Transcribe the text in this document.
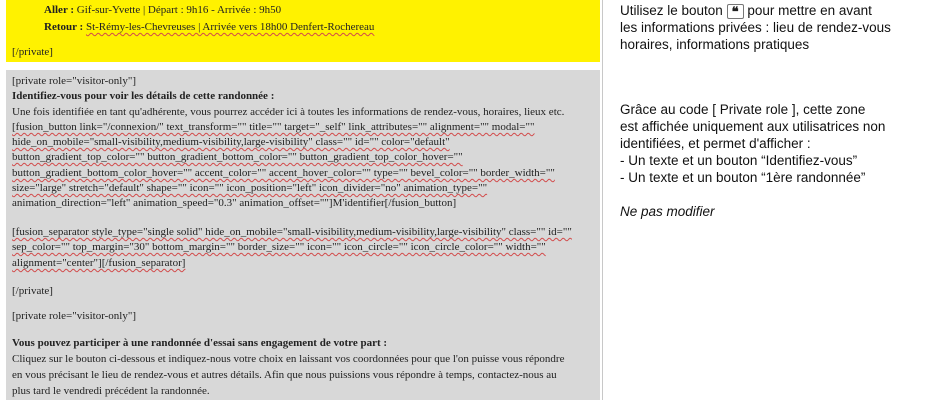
Aller : Gif-sur-Yvette | Départ : 9h16 - Arrivée : 9h50
Retour : St-Rémy-les-Chevreuses | Arrivée vers 18h00 Denfert-Rochereau
[/private]
[private role="visitor-only"]
Identifiez-vous pour voir les détails de cette randonnée :
Une fois identifiée en tant qu'adhérente, vous pourrez accéder ici à toutes les informations de rendez-vous, horaires, lieux etc.
[fusion_button link="/connexion/" text_transform="" title="" target="_self" link_attributes="" alignment="" modal=""
hide_on_mobile="small-visibility,medium-visibility,large-visibility" class="" id="" color="default"
button_gradient_top_color="" button_gradient_bottom_color="" button_gradient_top_color_hover=""
button_gradient_bottom_color_hover="" accent_color="" accent_hover_color="" type="" bevel_color="" border_width=""
size="large" stretch="default" shape="" icon="" icon_position="left" icon_divider="no" animation_type=""
animation_direction="left" animation_speed="0.3" animation_offset=""]M'identifier[/fusion_button]
[fusion_separator style_type="single solid" hide_on_mobile="small-visibility,medium-visibility,large-visibility" class="" id=""
sep_color="" top_margin="30" bottom_margin="" border_size="" icon="" icon_circle="" icon_circle_color="" width=""
alignment="center"][/fusion_separator]
[/private]
[private role="visitor-only"]
Vous pouvez participer à une randonnée d'essai sans engagement de votre part :
Cliquez sur le bouton ci-dessous et indiquez-nous votre choix en laissant vos coordonnées pour que l'on puisse vous répondre
en vous précisant le lieu de rendez-vous et autres détails. Afin que nous puissions vous répondre à temps, contactez-nous au
plus tard le vendredi précédent la randonnée.

Utilisez le bouton ❝ pour mettre en avant

les informations privées : lieu de rendez-vous

horaires, informations pratiques

Grâce au code [ Private role ], cette zone

est affichée uniquement aux utilisatrices non

identifiées, et permet d'afficher :

- Un texte et un bouton “Identifiez-vous”

- Un texte et un bouton “1ère randonnée”

Ne pas modifier
